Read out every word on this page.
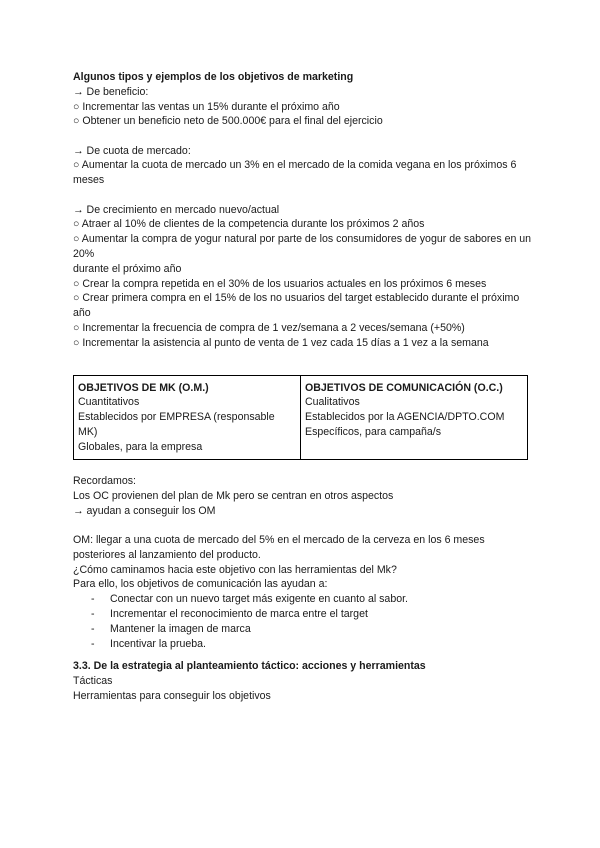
Algunos tipos y ejemplos de los objetivos de marketing
→ De beneficio:
○ Incrementar las ventas un 15% durante el próximo año
○ Obtener un beneficio neto de 500.000€ para el final del ejercicio
→ De cuota de mercado:
○ Aumentar la cuota de mercado un 3% en el mercado de la comida vegana en los próximos 6 meses
→ De crecimiento en mercado nuevo/actual
○ Atraer al 10% de clientes de la competencia durante los próximos 2 años
○ Aumentar la compra de yogur natural por parte de los consumidores de yogur de sabores en un 20%
durante el próximo año
○ Crear la compra repetida en el 30% de los usuarios actuales en los próximos 6 meses
○ Crear primera compra en el 15% de los no usuarios del target establecido durante el próximo año
○ Incrementar la frecuencia de compra de 1 vez/semana a 2 veces/semana (+50%)
○ Incrementar la asistencia al punto de venta de 1 vez cada 15 días a 1 vez a la semana
OBJETIVOS DE MK (O.M.)
Cuantitativos
Establecidos por EMPRESA (responsable MK)
Globales, para la empresa

OBJETIVOS DE COMUNICACIÓN (O.C.)
Cualitativos
Establecidos por la AGENCIA/DPTO.COM
Específicos, para campaña/s
Recordamos:
Los OC provienen del plan de Mk pero se centran en otros aspectos
→ ayudan a conseguir los OM
OM: llegar a una cuota de mercado del 5% en el mercado de la cerveza en los 6 meses posteriores al lanzamiento del producto.
¿Cómo caminamos hacia este objetivo con las herramientas del Mk?
Para ello, los objetivos de comunicación las ayudan a:
- Conectar con un nuevo target más exigente en cuanto al sabor.
- Incrementar el reconocimiento de marca entre el target
- Mantener la imagen de marca
- Incentivar la prueba.
3.3. De la estrategia al planteamiento táctico: acciones y herramientas
Tácticas
Herramientas para conseguir los objetivos
